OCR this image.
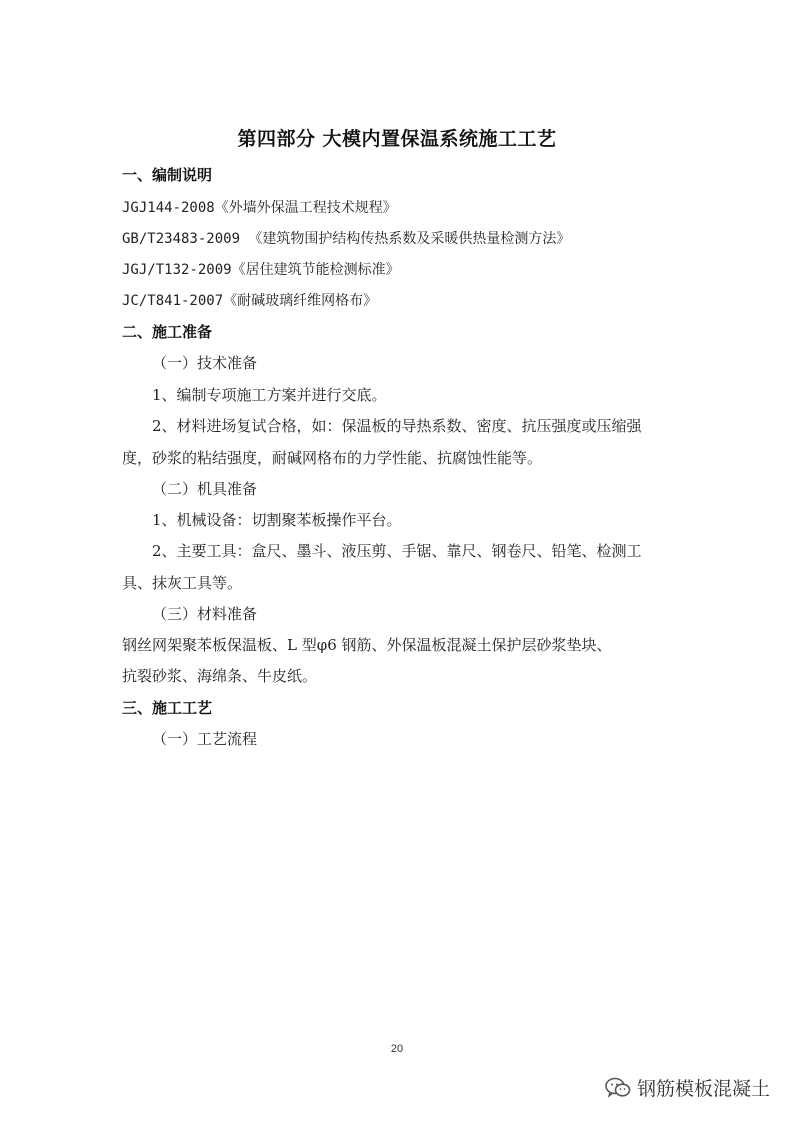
第四部分 大模内置保温系统施工工艺
一、编制说明
JGJ144-2008《外墙外保温工程技术规程》
GB/T23483-2009 《建筑物围护结构传热系数及采暖供热量检测方法》
JGJ/T132-2009《居住建筑节能检测标准》
JC/T841-2007《耐碱玻璃纤维网格布》
二、施工准备
（一）技术准备
1、编制专项施工方案并进行交底。
2、材料进场复试合格，如：保温板的导热系数、密度、抗压强度或压缩强
度，砂浆的粘结强度，耐碱网格布的力学性能、抗腐蚀性能等。
（二）机具准备
1、机械设备：切割聚苯板操作平台。
2、主要工具：盒尺、墨斗、液压剪、手锯、靠尺、钢卷尺、铅笔、检测工
具、抹灰工具等。
（三）材料准备
钢丝网架聚苯板保温板、L 型φ6 钢筋、外保温板混凝土保护层砂浆垫块、
抗裂砂浆、海绵条、牛皮纸。
三、施工工艺
（一）工艺流程
20
钢筋模板混凝土
